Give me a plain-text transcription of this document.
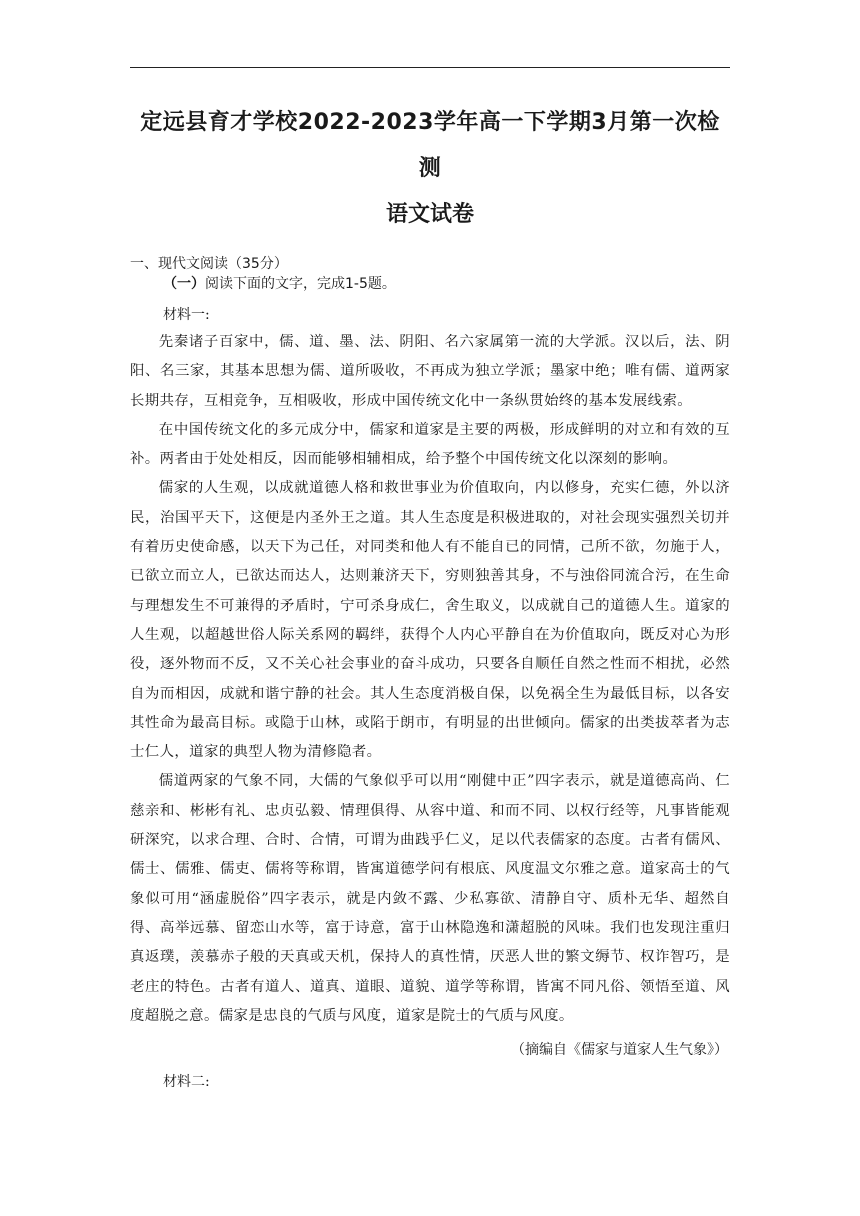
定远县育才学校2022-2023学年高一下学期3月第一次检测

语文试卷

一、现代文阅读（35分）
（一）阅读下面的文字，完成1-5题。
材料一:

先秦诸子百家中，儒、道、墨、法、阴阳、名六家属第一流的大学派。汉以后，法、阴阳、名三家，其基本思想为儒、道所吸收，不再成为独立学派；墨家中绝；唯有儒、道两家长期共存，互相竞争，互相吸收，形成中国传统文化中一条纵贯始终的基本发展线索。

在中国传统文化的多元成分中，儒家和道家是主要的两极，形成鲜明的对立和有效的互补。两者由于处处相反，因而能够相辅相成，给予整个中国传统文化以深刻的影响。

儒家的人生观，以成就道德人格和救世事业为价值取向，内以修身，充实仁德，外以济民，治国平天下，这便是内圣外王之道。其人生态度是积极进取的，对社会现实强烈关切并有着历史使命感，以天下为己任，对同类和他人有不能自已的同情，己所不欲，勿施于人，已欲立而立人，已欲达而达人，达则兼济天下，穷则独善其身，不与浊俗同流合污，在生命与理想发生不可兼得的矛盾时，宁可杀身成仁，舍生取义，以成就自己的道德人生。道家的人生观，以超越世俗人际关系网的羁绊，获得个人内心平静自在为价值取向，既反对心为形役，逐外物而不反，又不关心社会事业的奋斗成功，只要各自顺任自然之性而不相扰，必然自为而相因，成就和谐宁静的社会。其人生态度消极自保，以免祸全生为最低目标，以各安其性命为最高目标。或隐于山林，或陷于朗市，有明显的出世倾向。儒家的出类拔萃者为志士仁人，道家的典型人物为清修隐者。

儒道两家的气象不同，大儒的气象似乎可以用“刚健中正”四字表示，就是道德高尚、仁慈亲和、彬彬有礼、忠贞弘毅、情理俱得、从容中道、和而不同、以权行经等，凡事皆能观研深究，以求合理、合时、合情，可谓为曲践乎仁义，足以代表儒家的态度。古者有儒风、儒士、儒雅、儒吏、儒将等称谓，皆寓道德学问有根底、风度温文尔雅之意。道家高士的气象似可用“涵虚脱俗”四字表示，就是内敛不露、少私寡欲、清静自守、质朴无华、超然自得、高举远慕、留恋山水等，富于诗意，富于山林隐逸和潇超脱的风味。我们也发现注重归真返璞，羡慕赤子般的天真或天机，保持人的真性情，厌恶人世的繁文缛节、权诈智巧，是老庄的特色。古者有道人、道真、道眼、道貌、道学等称谓，皆寓不同凡俗、领悟至道、风度超脱之意。儒家是忠良的气质与风度，道家是院士的气质与风度。

（摘编自《儒家与道家人生气象》）
材料二:
